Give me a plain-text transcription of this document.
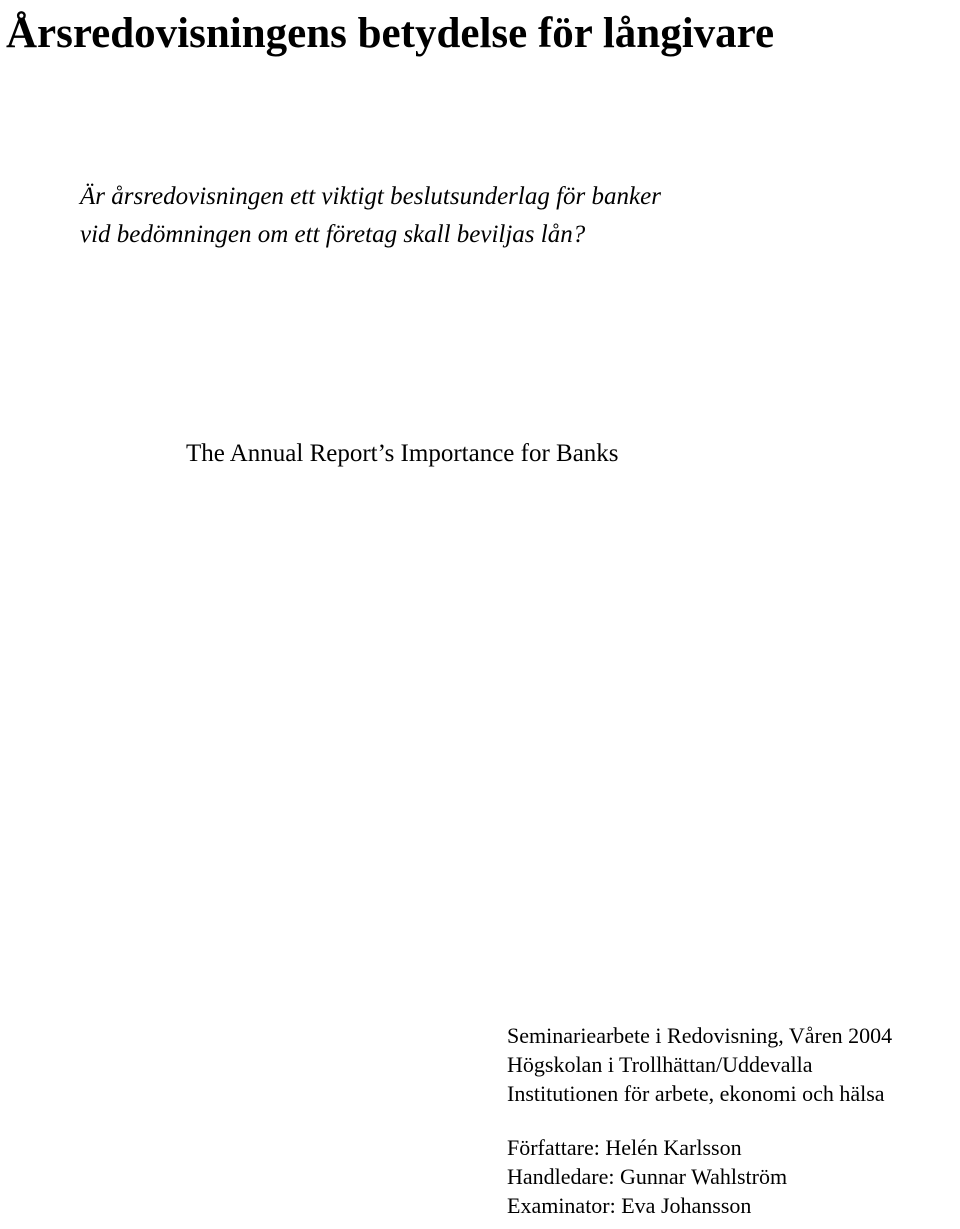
Årsredovisningens betydelse för långivare
Är årsredovisningen ett viktigt beslutsunderlag för banker
vid bedömningen om ett företag skall beviljas lån?
The Annual Report’s Importance for Banks
Seminariearbete i Redovisning, Våren 2004
Högskolan i Trollhättan/Uddevalla
Institutionen för arbete, ekonomi och hälsa
Författare: Helén Karlsson
Handledare: Gunnar Wahlström
Examinator: Eva Johansson
